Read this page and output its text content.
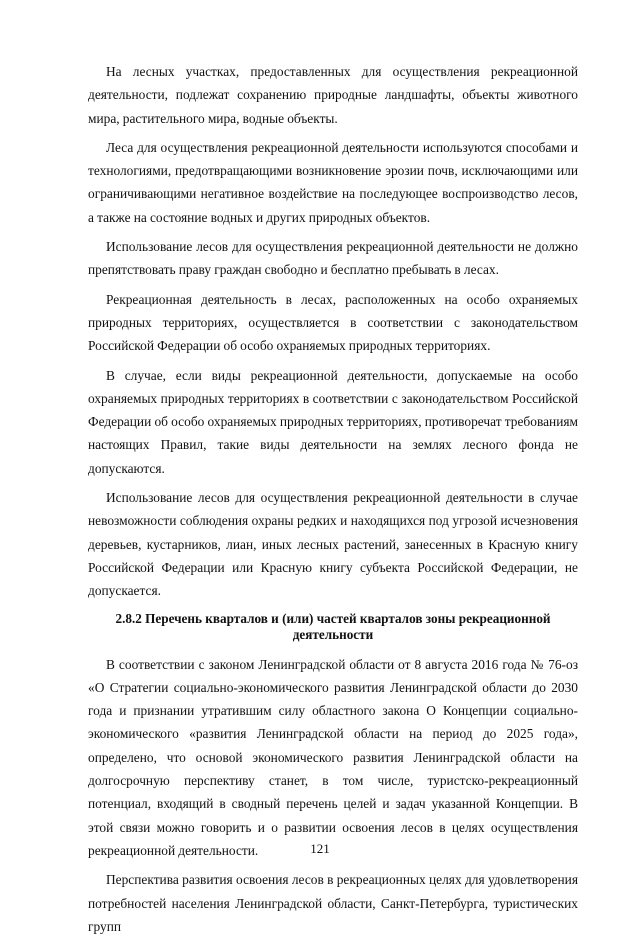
На лесных участках, предоставленных для осуществления рекреационной деятельности, подлежат сохранению природные ландшафты, объекты животного мира, растительного мира, водные объекты.

Леса для осуществления рекреационной деятельности используются способами и технологиями, предотвращающими возникновение эрозии почв, исключающими или ограничивающими негативное воздействие на последующее воспроизводство лесов, а также на состояние водных и других природных объектов.

Использование лесов для осуществления рекреационной деятельности не должно препятствовать праву граждан свободно и бесплатно пребывать в лесах.

Рекреационная деятельность в лесах, расположенных на особо охраняемых природных территориях, осуществляется в соответствии с законодательством Российской Федерации об особо охраняемых природных территориях.

В случае, если виды рекреационной деятельности, допускаемые на особо охраняемых природных территориях в соответствии с законодательством Российской Федерации об особо охраняемых природных территориях, противоречат требованиям настоящих Правил, такие виды деятельности на землях лесного фонда не допускаются.

Использование лесов для осуществления рекреационной деятельности в случае невозможности соблюдения охраны редких и находящихся под угрозой исчезновения деревьев, кустарников, лиан, иных лесных растений, занесенных в Красную книгу Российской Федерации или Красную книгу субъекта Российской Федерации, не допускается.

2.8.2 Перечень кварталов и (или) частей кварталов зоны рекреационной деятельности

В соответствии с законом Ленинградской области от 8 августа 2016 года № 76-оз «О Стратегии социально-экономического развития Ленинградской области до 2030 года и признании утратившим силу областного закона О Концепции социально-экономического «развития Ленинградской области на период до 2025 года», определено, что основой экономического развития Ленинградской области на долгосрочную перспективу станет, в том числе, туристско-рекреационный потенциал, входящий в сводный перечень целей и задач указанной Концепции. В этой связи можно говорить и о развитии освоения лесов в целях осуществления рекреационной деятельности.

Перспектива развития освоения лесов в рекреационных целях для удовлетворения потребностей населения Ленинградской области, Санкт-Петербурга, туристических групп

121
